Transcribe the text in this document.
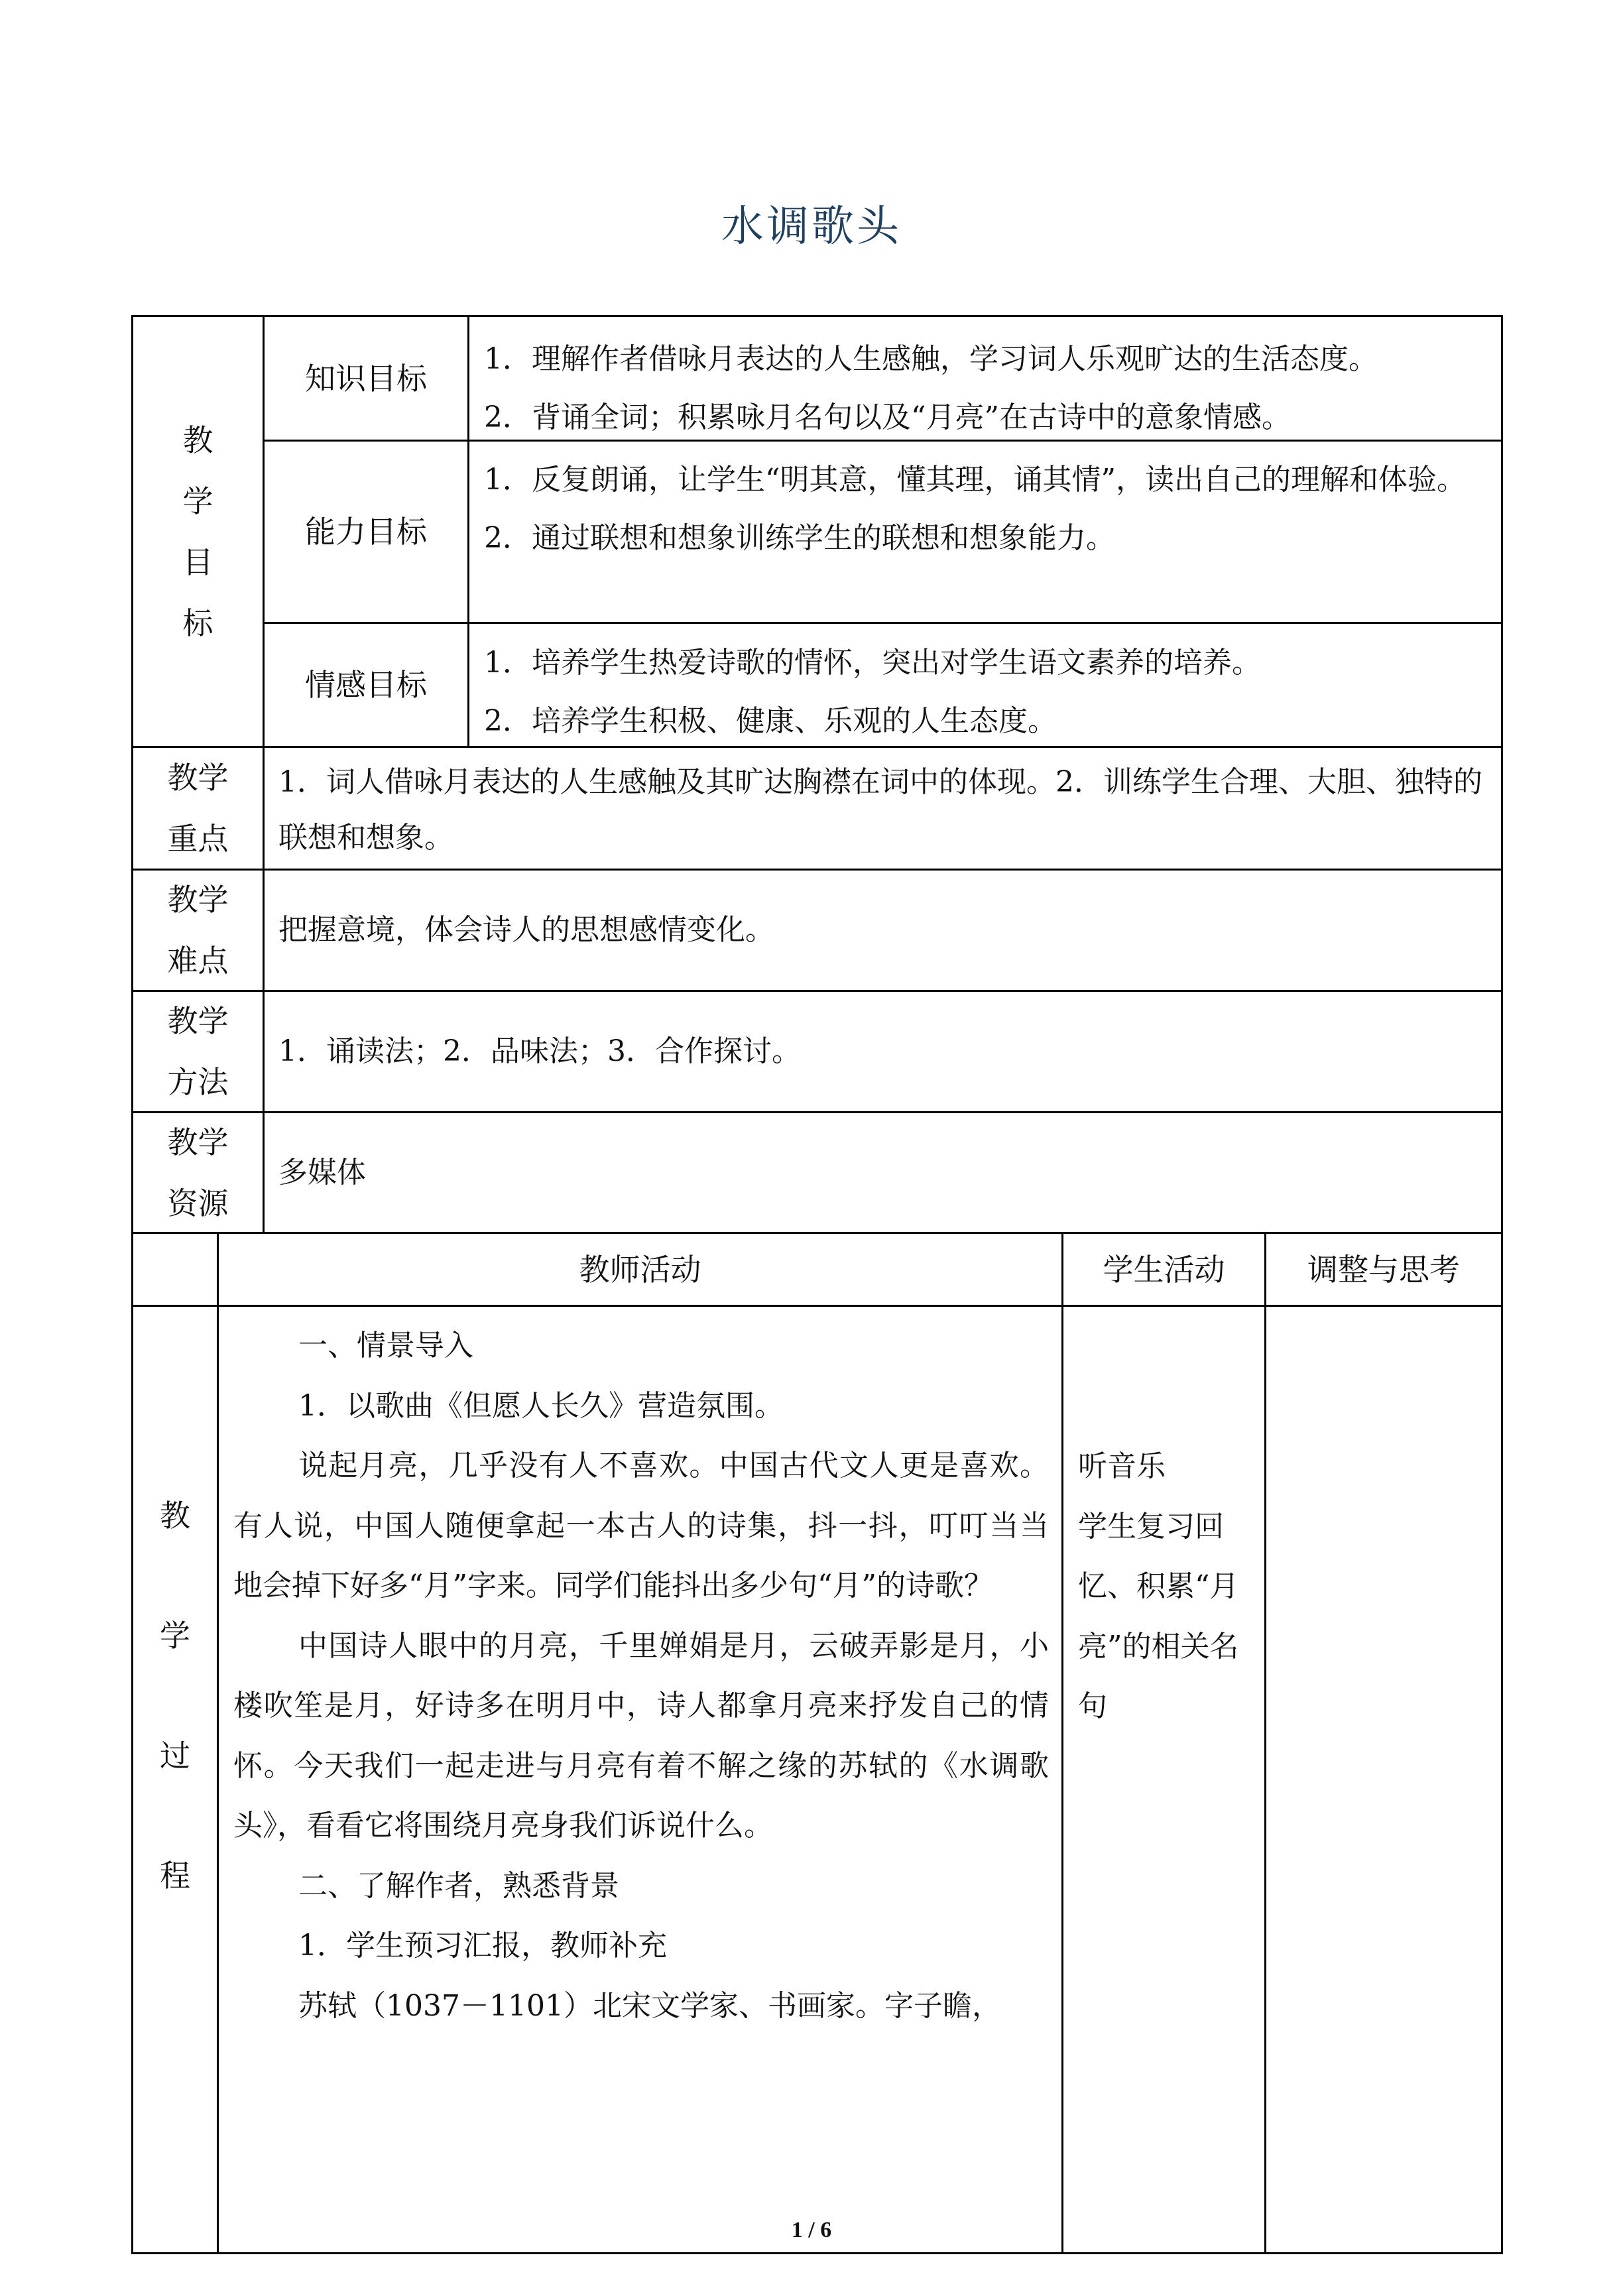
水调歌头
教
学
目
标
知识目标

1．理解作者借咏月表达的人生感触，学习词人乐观旷达的生活态度。

2．背诵全词；积累咏月名句以及“月亮”在古诗中的意象情感。

能力目标

1．反复朗诵，让学生“明其意，懂其理，诵其情”，读出自己的理解和体验。

2．通过联想和想象训练学生的联想和想象能力。

情感目标

1．培养学生热爱诗歌的情怀，突出对学生语文素养的培养。

2．培养学生积极、健康、乐观的人生态度。

教学
重点
1．词人借咏月表达的人生感触及其旷达胸襟在词中的体现。2．训练学生合理、大胆、独特的联想和想象。
教学
难点
把握意境，体会诗人的思想感情变化。
教学
方法
1．诵读法；2．品味法；3．合作探讨。
教学
资源
多媒体
教师活动	学生活动	调整与思考
教
学
过
程

一、情景导入

1．以歌曲《但愿人长久》营造氛围。

说起月亮，几乎没有人不喜欢。中国古代文人更是喜欢。有人说，中国人随便拿起一本古人的诗集，抖一抖，叮叮当当地会掉下好多“月”字来。同学们能抖出多少句“月”的诗歌？

中国诗人眼中的月亮，千里婵娟是月，云破弄影是月，小楼吹笙是月，好诗多在明月中，诗人都拿月亮来抒发自己的情怀。今天我们一起走进与月亮有着不解之缘的苏轼的《水调歌头》，看看它将围绕月亮身我们诉说什么。

二、了解作者，熟悉背景

1．学生预习汇报，教师补充

苏轼（1037－1101）北宋文学家、书画家。字子瞻，

听音乐

学生复习回忆、积累“月亮”的相关名句

1 / 6
